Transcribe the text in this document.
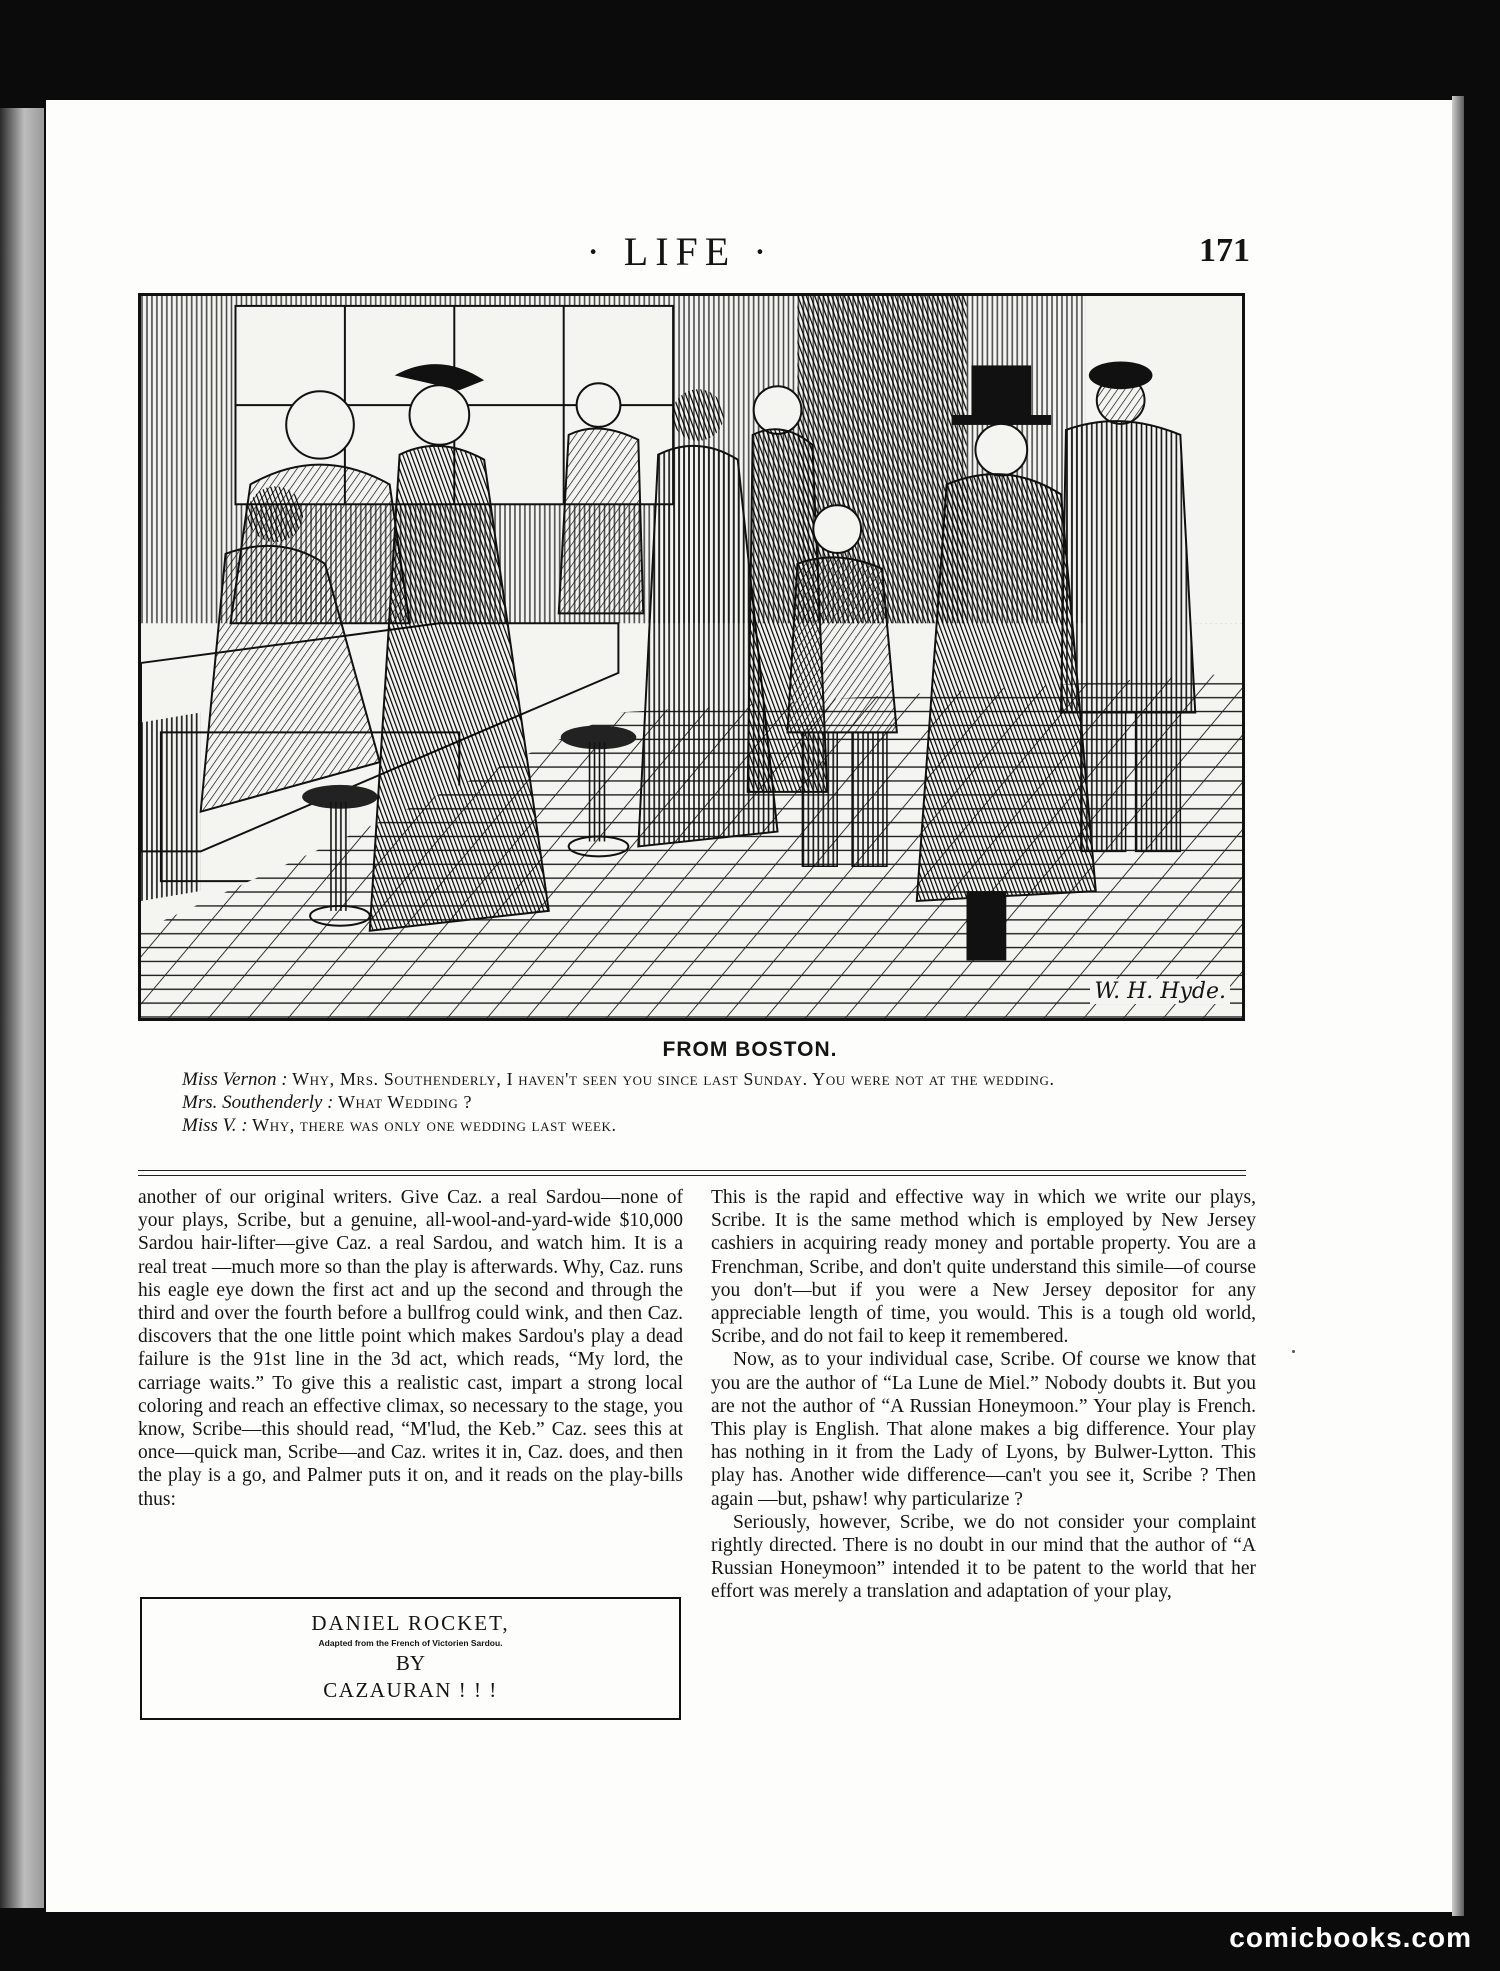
· LIFE ·	171
W. H. Hyde.
FROM BOSTON.

Miss Vernon : Why, Mrs. Southenderly, I haven't seen you since last Sunday. You were not at the wedding.

Mrs. Southenderly : What Wedding ?

Miss V. : Why, there was only one wedding last week.

another of our original writers. Give Caz. a real Sardou—none of your plays, Scribe, but a genuine, all-wool-and-yard-wide $10,000 Sardou hair-lifter—give Caz. a real Sardou, and watch him. It is a real treat —much more so than the play is afterwards. Why, Caz. runs his eagle eye down the first act and up the second and through the third and over the fourth before a bullfrog could wink, and then Caz. discovers that the one little point which makes Sardou's play a dead failure is the 91st line in the 3d act, which reads, “My lord, the carriage waits.” To give this a realistic cast, impart a strong local coloring and reach an effective climax, so necessary to the stage, you know, Scribe—this should read, “M'lud, the Keb.” Caz. sees this at once—quick man, Scribe—and Caz. writes it in, Caz. does, and then the play is a go, and Palmer puts it on, and it reads on the play-bills thus:

DANIEL ROCKET,
Adapted from the French of Victorien Sardou.
BY
CAZAURAN ! ! !

This is the rapid and effective way in which we write our plays, Scribe. It is the same method which is employed by New Jersey cashiers in acquiring ready money and portable property. You are a Frenchman, Scribe, and don't quite understand this simile—of course you don't—but if you were a New Jersey depositor for any appreciable length of time, you would. This is a tough old world, Scribe, and do not fail to keep it remembered.

Now, as to your individual case, Scribe. Of course we know that you are the author of “La Lune de Miel.” Nobody doubts it. But you are not the author of “A Russian Honeymoon.” Your play is French. This play is English. That alone makes a big difference. Your play has nothing in it from the Lady of Lyons, by Bulwer-Lytton. This play has. Another wide difference—can't you see it, Scribe ? Then again —but, pshaw! why particularize ?

Seriously, however, Scribe, we do not consider your complaint rightly directed. There is no doubt in our mind that the author of “A Russian Honeymoon” intended it to be patent to the world that her effort was merely a translation and adaptation of your play,

comicbooks.com
